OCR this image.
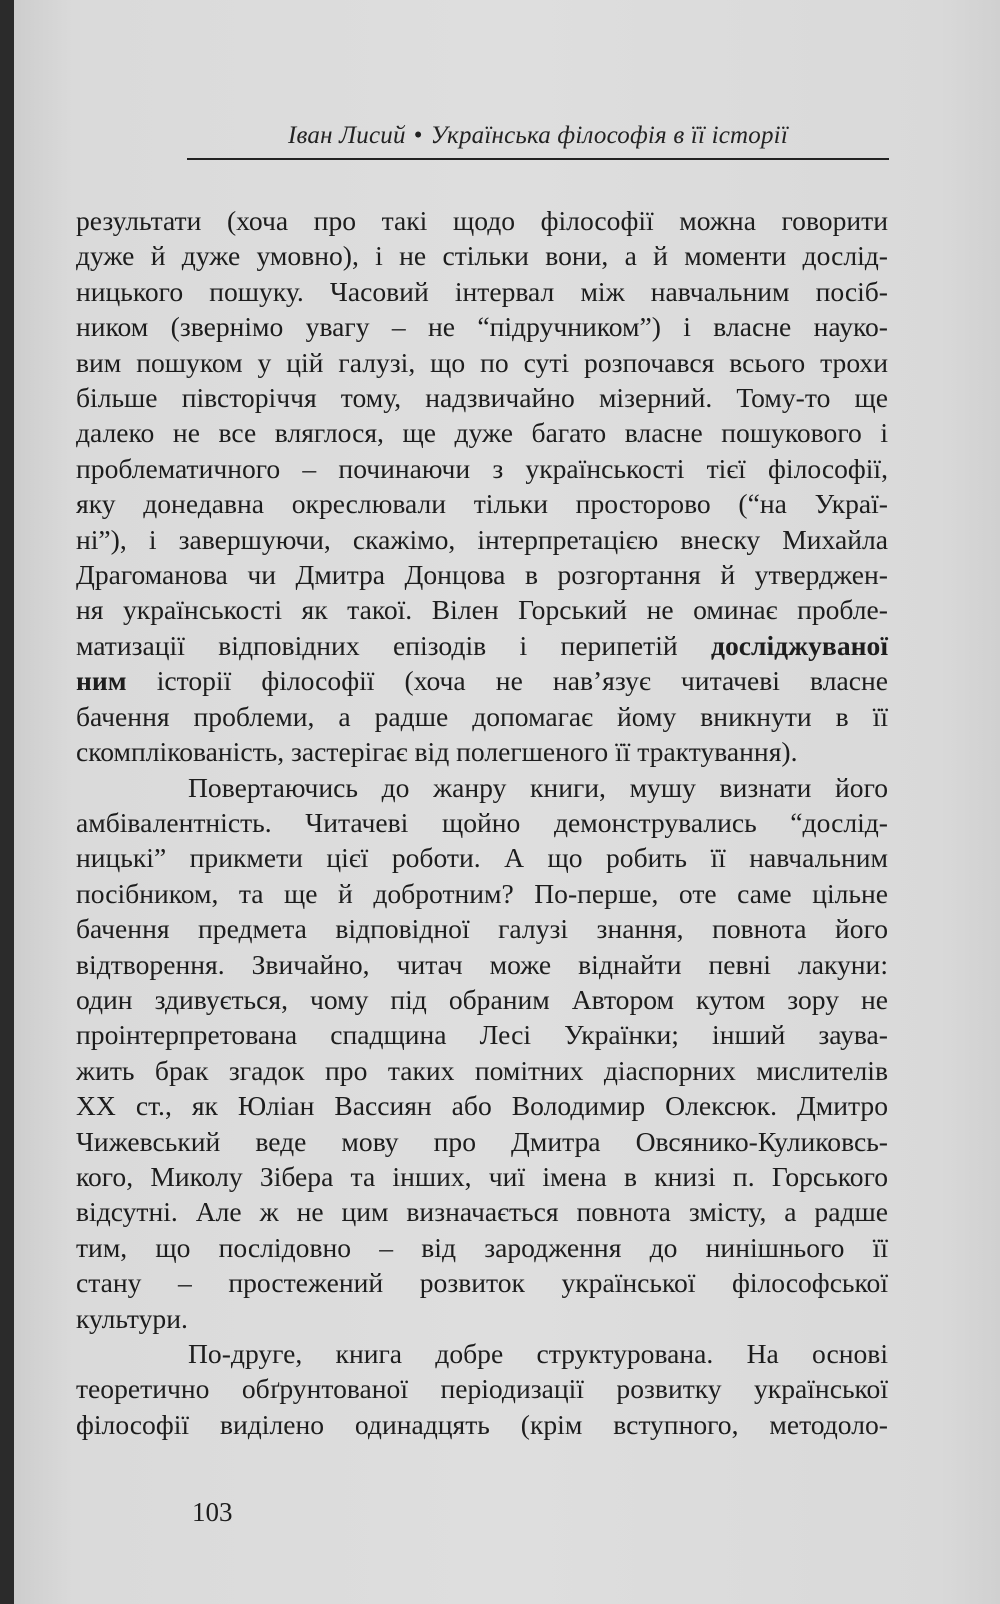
Іван Лисий • Українська філософія в її історії
результати (хоча про такі щодо філософії можна говорити
дуже й дуже умовно), і не стільки вони, а й моменти дослід-
ницького пошуку. Часовий інтервал між навчальним посіб-
ником (звернімо увагу – не “підручником”) і власне науко-
вим пошуком у цій галузі, що по суті розпочався всього трохи
більше півсторіччя тому, надзвичайно мізерний. Тому-то ще
далеко не все вляглося, ще дуже багато власне пошукового і
проблематичного – починаючи з українськості тієї філософії,
яку донедавна окреслювали тільки просторово (“на Украї-
ні”), і завершуючи, скажімо, інтерпретацією внеску Михайла
Драгоманова чи Дмитра Донцова в розгортання й утверджен-
ня українськості як такої. Вілен Горський не оминає пробле-
матизації відповідних епізодів і перипетій досліджуваної
ним історії філософії (хоча не нав’язує читачеві власне
бачення проблеми, а радше допомагає йому вникнути в її
скомплікованість, застерігає від полегшеного її трактування).
Повертаючись до жанру книги, мушу визнати його
амбівалентність. Читачеві щойно демонструвались “дослід-
ницькі” прикмети цієї роботи. А що робить її навчальним
посібником, та ще й добротним? По-перше, оте саме цільне
бачення предмета відповідної галузі знання, повнота його
відтворення. Звичайно, читач може віднайти певні лакуни:
один здивується, чому під обраним Автором кутом зору не
проінтерпретована спадщина Лесі Українки; інший заува-
жить брак згадок про таких помітних діаспорних мислителів
XX ст., як Юліан Вассиян або Володимир Олексюк. Дмитро
Чижевський веде мову про Дмитра Овсянико-Куликовсь-
кого, Миколу Зібера та інших, чиї імена в книзі п. Горського
відсутні. Але ж не цим визначається повнота змісту, а радше
тим, що послідовно – від зародження до нинішнього її
стану – простежений розвиток української філософської
культури.
По-друге, книга добре структурована. На основі
теоретично обґрунтованої періодизації розвитку української
філософії виділено одинадцять (крім вступного, методоло-
103
